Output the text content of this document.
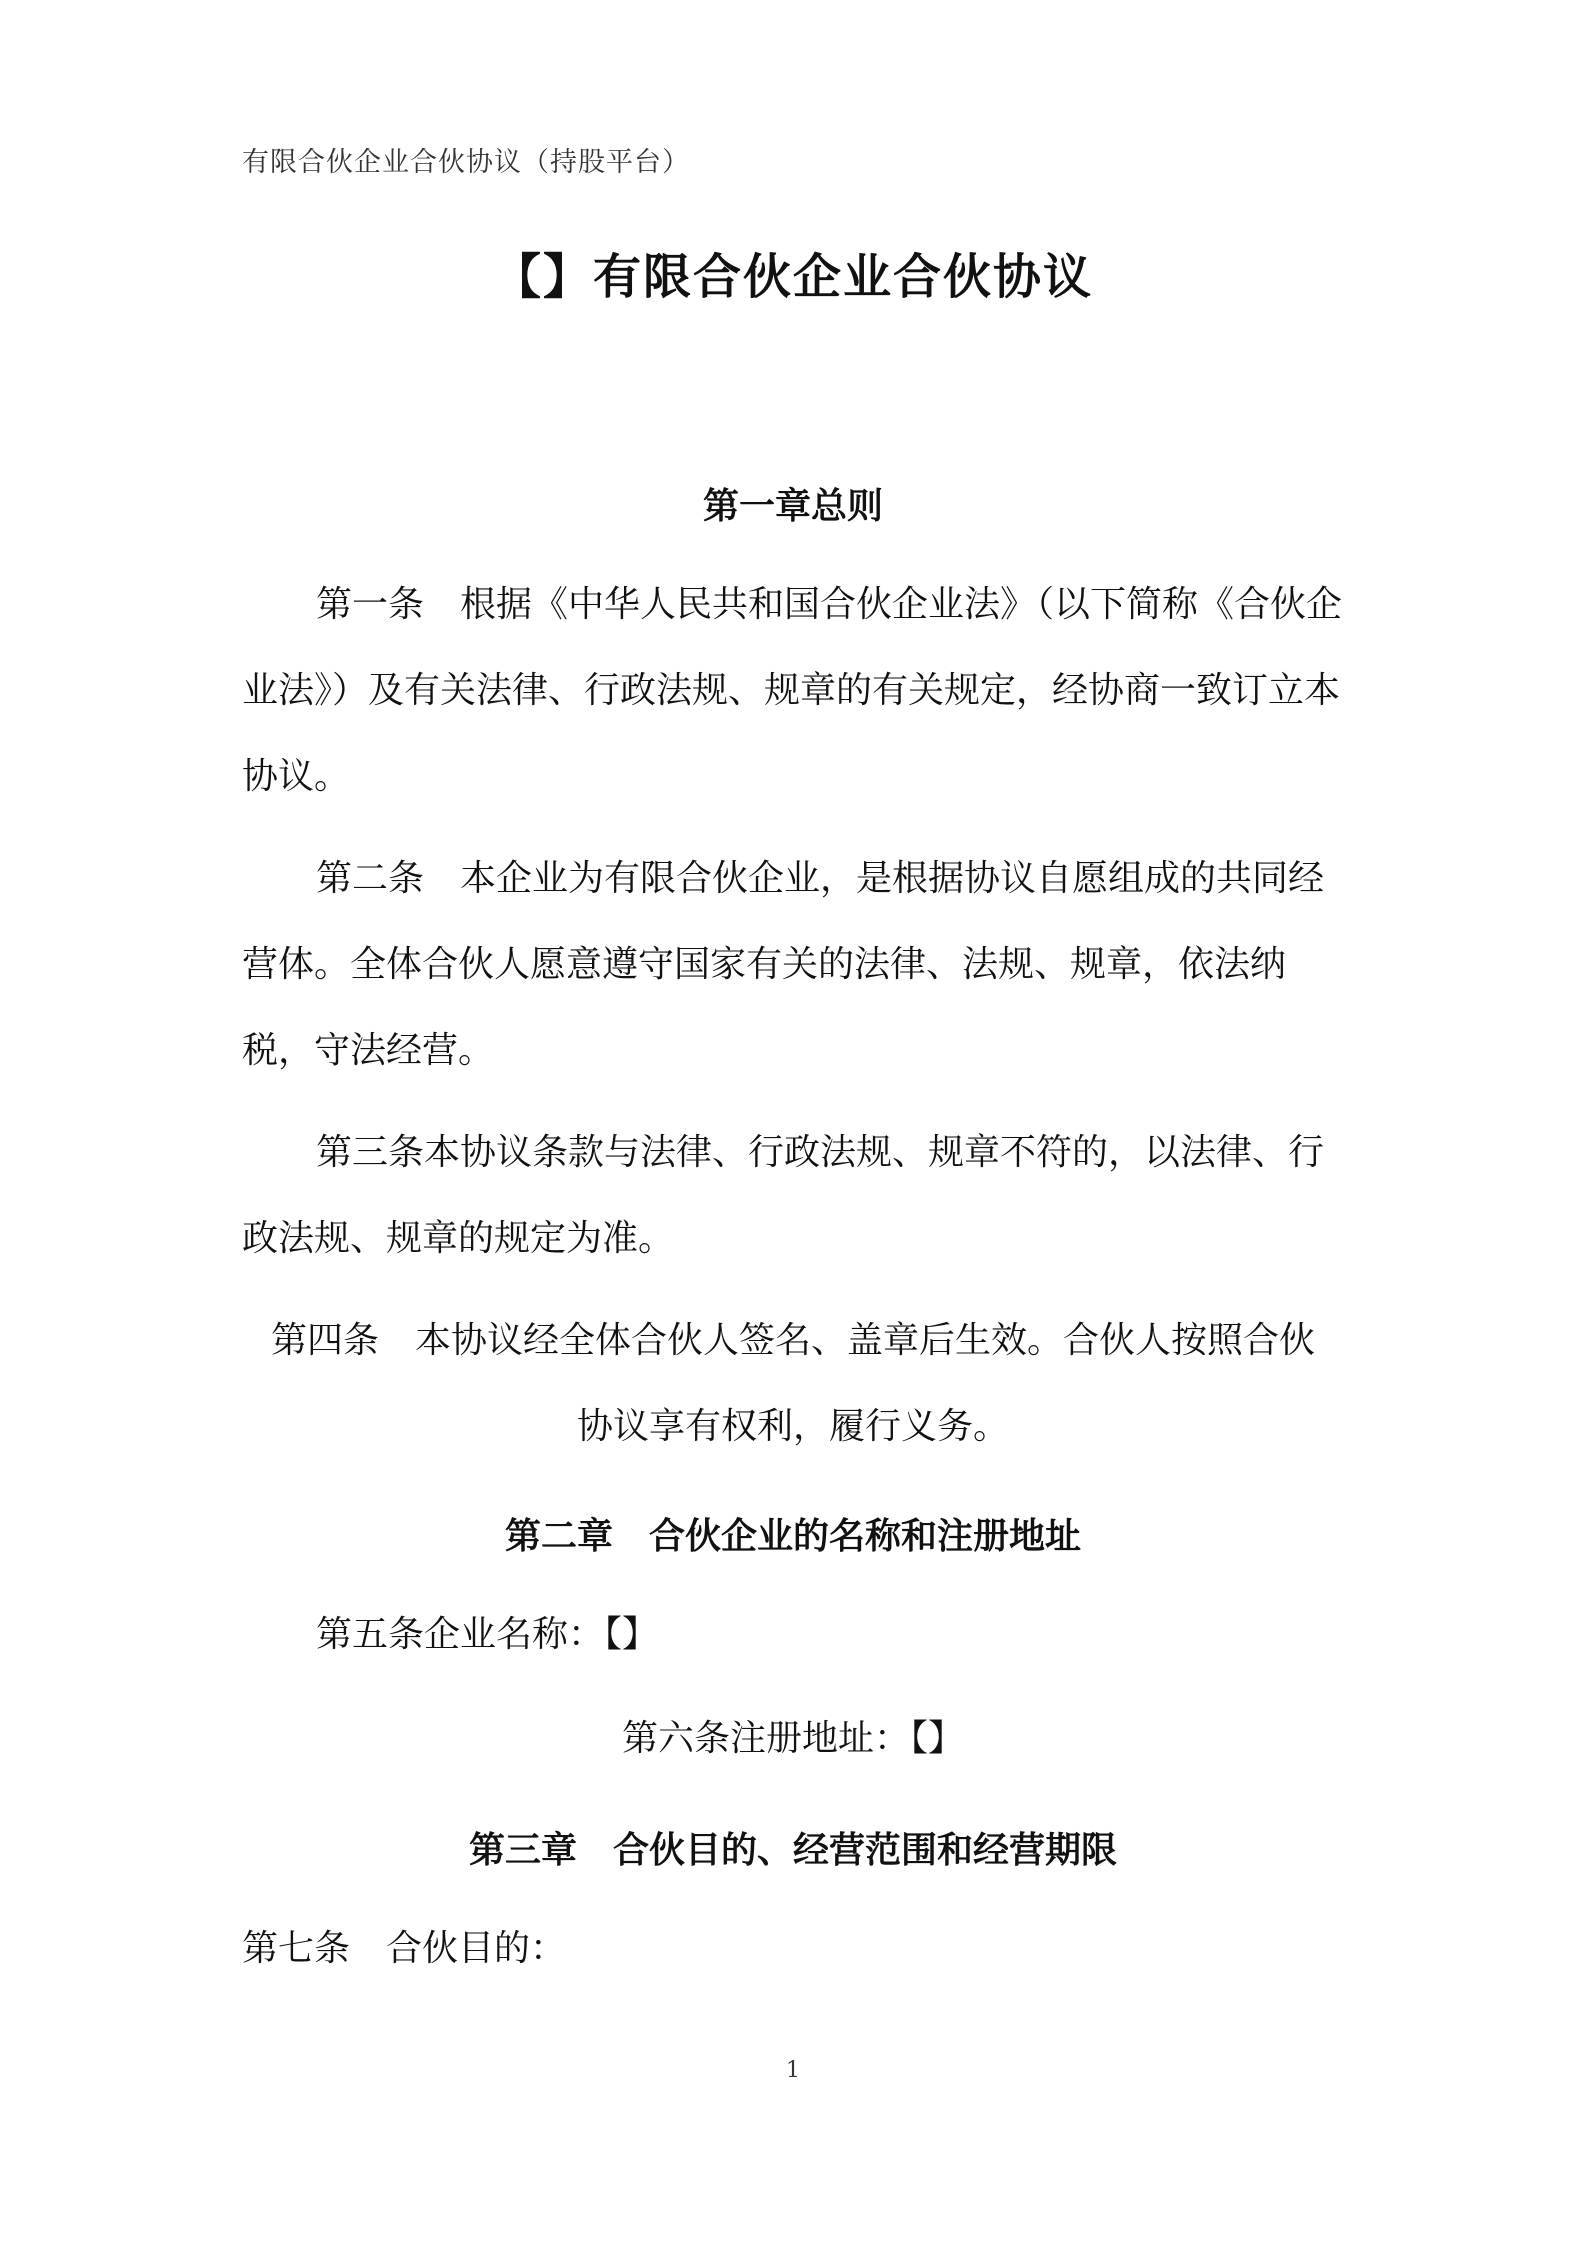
有限合伙企业合伙协议（持股平台）
【】有限合伙企业合伙协议
第一章总则
第一条　根据《中华人民共和国合伙企业法》（以下简称《合伙企业法》）及有关法律、行政法规、规章的有关规定，经协商一致订立本协议。
第二条　本企业为有限合伙企业，是根据协议自愿组成的共同经营体。全体合伙人愿意遵守国家有关的法律、法规、规章，依法纳税，守法经营。
第三条本协议条款与法律、行政法规、规章不符的，以法律、行政法规、规章的规定为准。
第四条　本协议经全体合伙人签名、盖章后生效。合伙人按照合伙
协议享有权利，履行义务。
第二章　合伙企业的名称和注册地址
第五条企业名称：【】
第六条注册地址：【】
第三章　合伙目的、经营范围和经营期限
第七条　合伙目的：
1
